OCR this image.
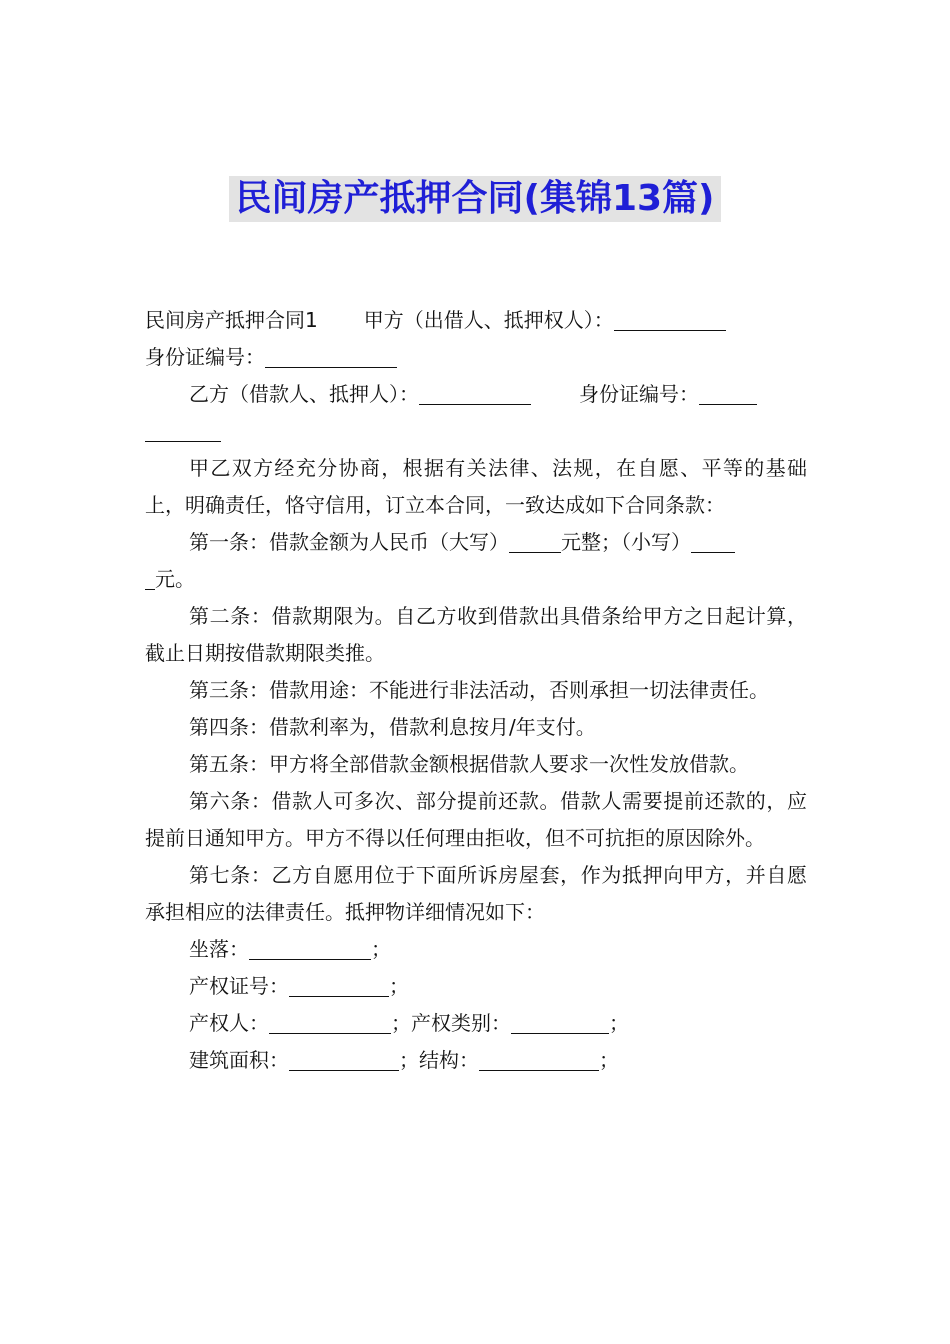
民间房产抵押合同(集锦13篇)

民间房产抵押合同1 甲方（出借人、抵押权人）：

身份证编号：

乙方（借款人、抵押人）：	身份证编号：

甲乙双方经充分协商，根据有关法律、法规，在自愿、平等的基础上，明确责任，恪守信用，订立本合同，一致达成如下合同条款：

第一条：借款金额为人民币（大写）	元整；（小写）
元。

第二条：借款期限为。自乙方收到借款出具借条给甲方之日起计算，截止日期按借款期限类推。

第三条：借款用途：不能进行非法活动，否则承担一切法律责任。

第四条：借款利率为，借款利息按月/年支付。

第五条：甲方将全部借款金额根据借款人要求一次性发放借款。

第六条：借款人可多次、部分提前还款。借款人需要提前还款的，应提前日通知甲方。甲方不得以任何理由拒收，但不可抗拒的原因除外。

第七条：乙方自愿用位于下面所诉房屋套，作为抵押向甲方，并自愿承担相应的法律责任。抵押物详细情况如下：

坐落：	；

产权证号：	；

产权人：	；产权类别：	；

建筑面积：	；结构：	；
